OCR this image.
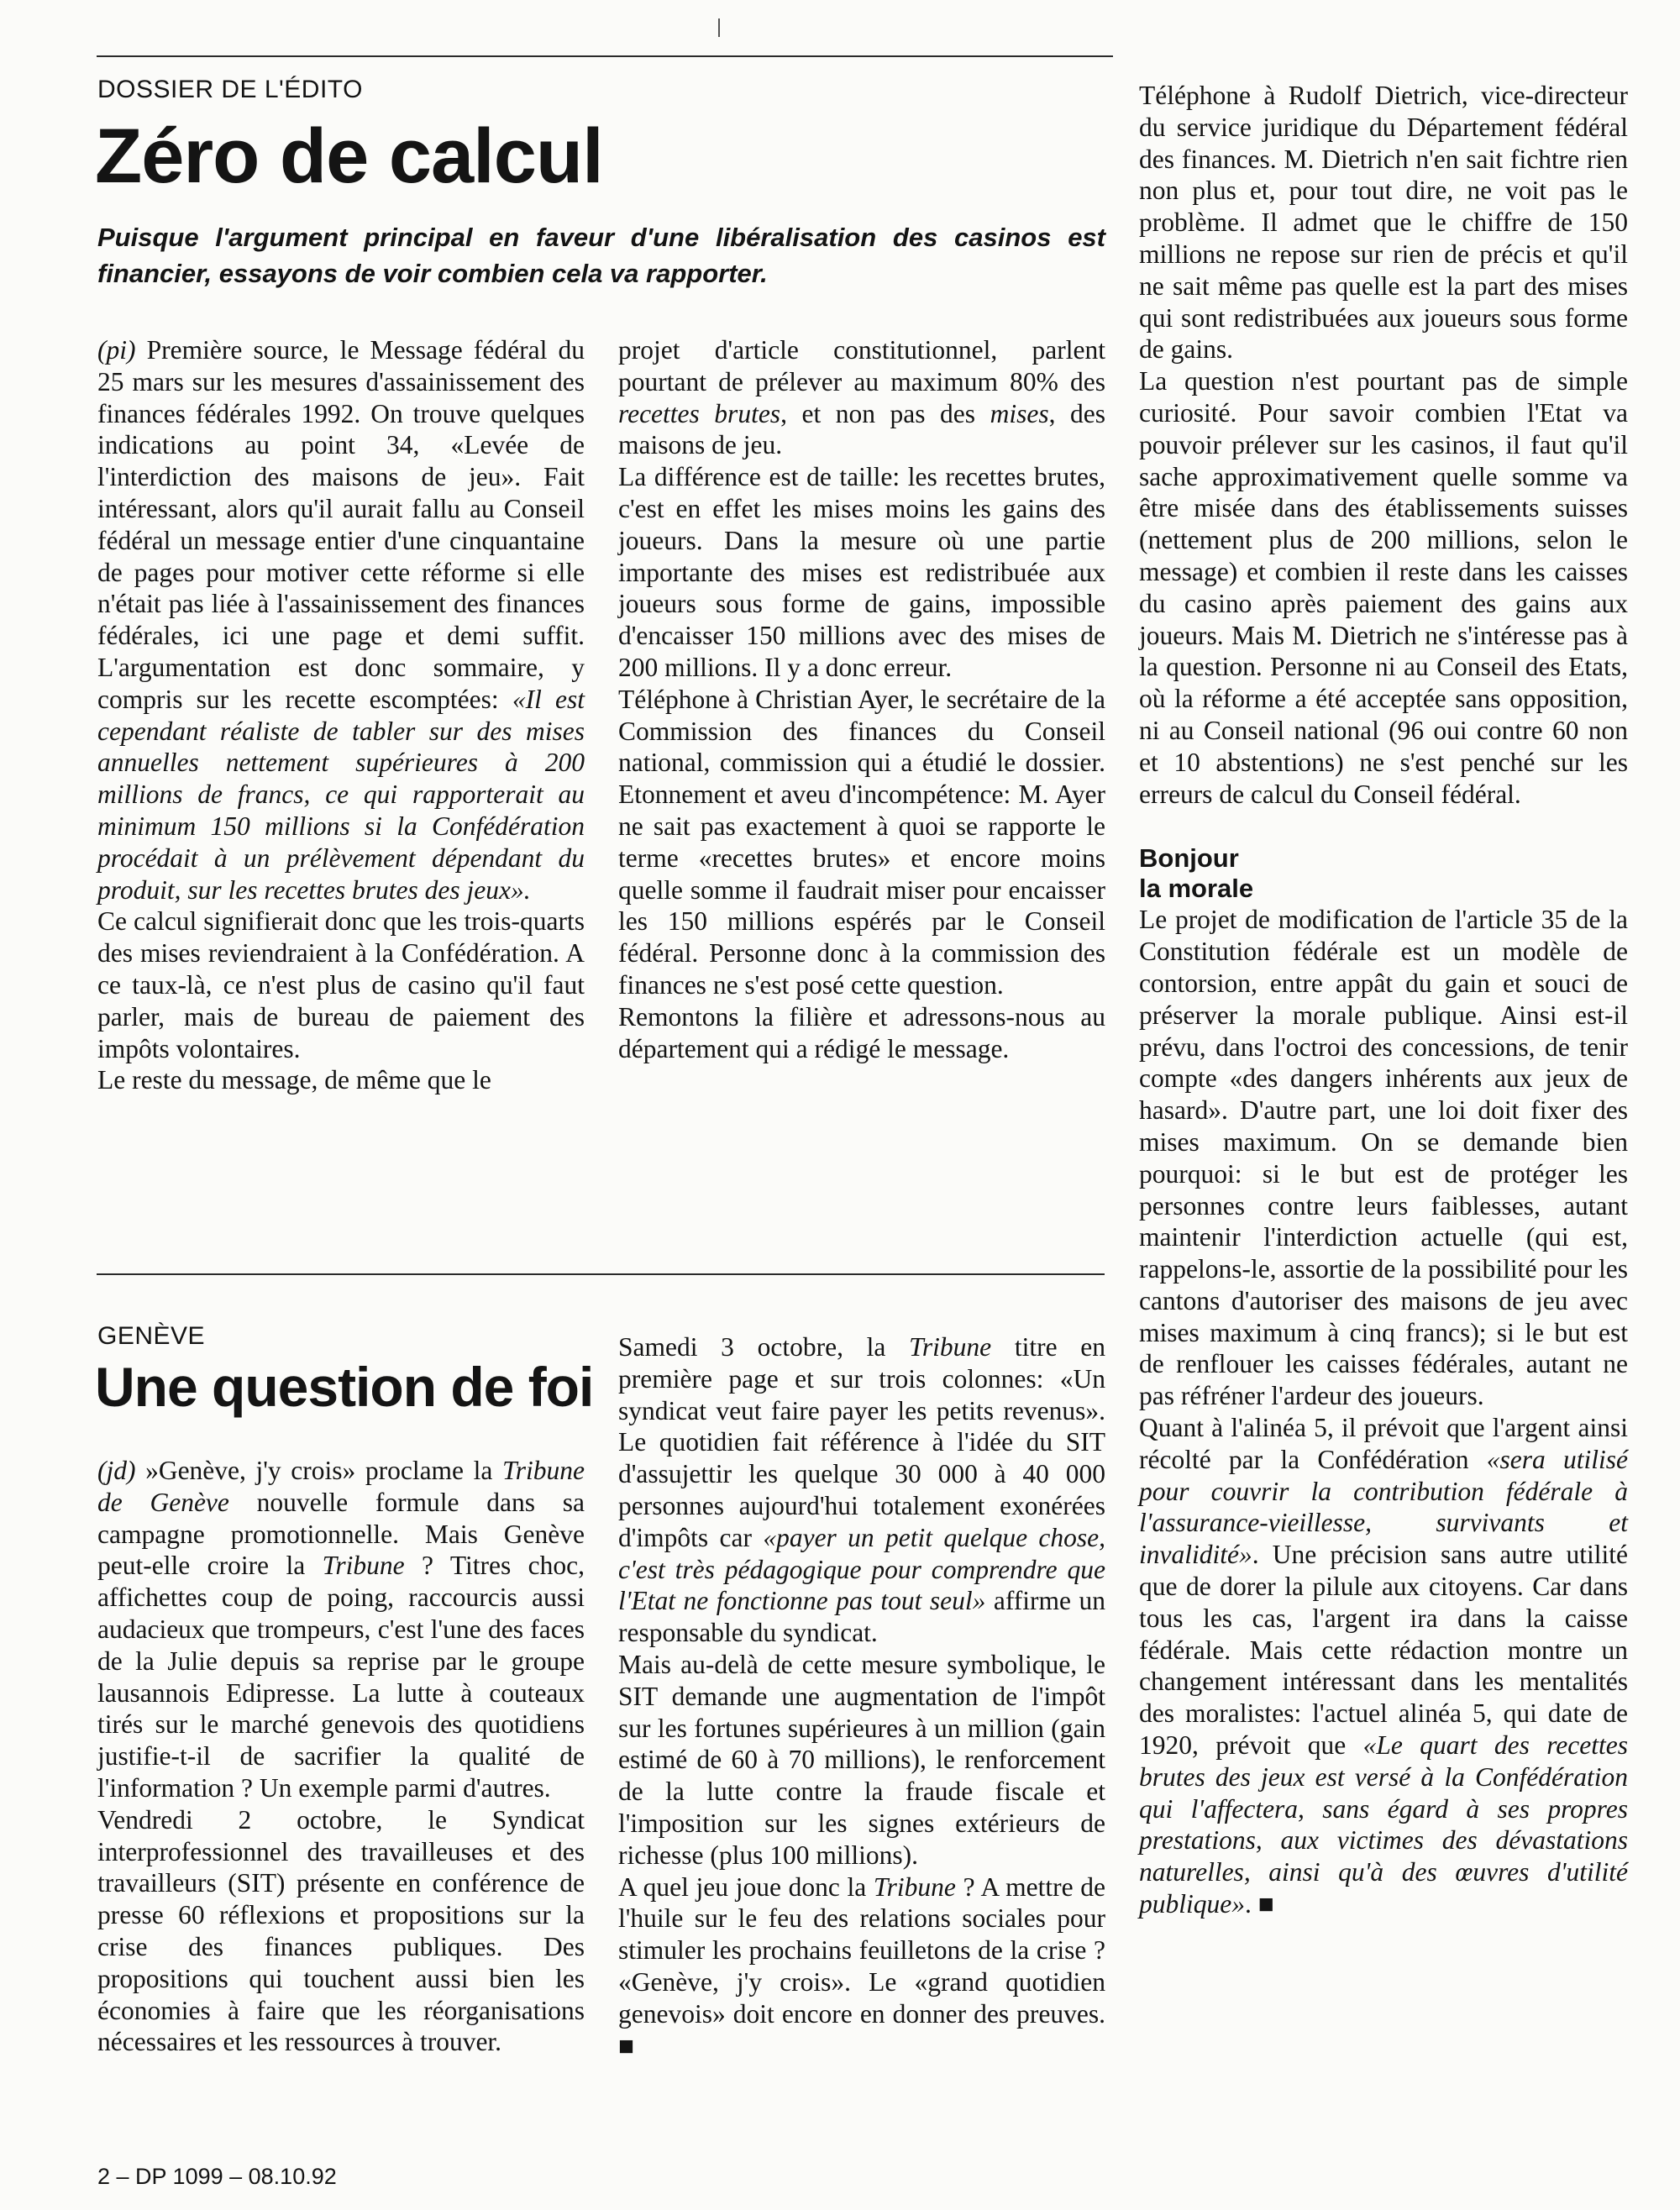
DOSSIER DE L'ÉDITO
Zéro de calcul
Puisque l'argument principal en faveur d'une libéralisation des casinos est financier, essayons de voir combien cela va rapporter.

(pi) Première source, le Message fédéral du 25 mars sur les mesures d'assainissement des finances fédérales 1992. On trouve quelques indications au point 34, «Levée de l'interdiction des maisons de jeu». Fait intéressant, alors qu'il aurait fallu au Conseil fédéral un message entier d'une cinquantaine de pages pour motiver cette réforme si elle n'était pas liée à l'assainissement des finances fédérales, ici une page et demi suffit. L'argumentation est donc sommaire, y compris sur les recette escomptées: «Il est cependant réaliste de tabler sur des mises annuelles nettement supérieures à 200 millions de francs, ce qui rapporterait au minimum 150 millions si la Confédération procédait à un prélèvement dépendant du produit, sur les recettes brutes des jeux».

Ce calcul signifierait donc que les trois-quarts des mises reviendraient à la Confédération. A ce taux-là, ce n'est plus de casino qu'il faut parler, mais de bureau de paiement des impôts volontaires.

Le reste du message, de même que le

projet d'article constitutionnel, parlent pourtant de prélever au maximum 80% des recettes brutes, et non pas des mises, des maisons de jeu.

La différence est de taille: les recettes brutes, c'est en effet les mises moins les gains des joueurs. Dans la mesure où une partie importante des mises est redistribuée aux joueurs sous forme de gains, impossible d'encaisser 150 millions avec des mises de 200 millions. Il y a donc erreur.

Téléphone à Christian Ayer, le secrétaire de la Commission des finances du Conseil national, commission qui a étudié le dossier. Etonnement et aveu d'incompétence: M. Ayer ne sait pas exactement à quoi se rapporte le terme «recettes brutes» et encore moins quelle somme il faudrait miser pour encaisser les 150 millions espérés par le Conseil fédéral. Personne donc à la commission des finances ne s'est posé cette question.

Remontons la filière et adressons-nous au département qui a rédigé le message.

Téléphone à Rudolf Dietrich, vice-directeur du service juridique du Département fédéral des finances. M. Dietrich n'en sait fichtre rien non plus et, pour tout dire, ne voit pas le problème. Il admet que le chiffre de 150 millions ne repose sur rien de précis et qu'il ne sait même pas quelle est la part des mises qui sont redistribuées aux joueurs sous forme de gains.

La question n'est pourtant pas de simple curiosité. Pour savoir combien l'Etat va pouvoir prélever sur les casinos, il faut qu'il sache approximativement quelle somme va être misée dans des établissements suisses (nettement plus de 200 millions, selon le message) et combien il reste dans les caisses du casino après paiement des gains aux joueurs. Mais M. Dietrich ne s'intéresse pas à la question. Personne ni au Conseil des Etats, où la réforme a été acceptée sans opposition, ni au Conseil national (96 oui contre 60 non et 10 abstentions) ne s'est penché sur les erreurs de calcul du Conseil fédéral.

Bonjour
la morale

Le projet de modification de l'article 35 de la Constitution fédérale est un modèle de contorsion, entre appât du gain et souci de préserver la morale publique. Ainsi est-il prévu, dans l'octroi des concessions, de tenir compte «des dangers inhérents aux jeux de hasard». D'autre part, une loi doit fixer des mises maximum. On se demande bien pourquoi: si le but est de protéger les personnes contre leurs faiblesses, autant maintenir l'interdiction actuelle (qui est, rappelons-le, assortie de la possibilité pour les cantons d'autoriser des maisons de jeu avec mises maximum à cinq francs); si le but est de renflouer les caisses fédérales, autant ne pas réfréner l'ardeur des joueurs.

Quant à l'alinéa 5, il prévoit que l'argent ainsi récolté par la Confédération «sera utilisé pour couvrir la contribution fédérale à l'assurance-vieillesse, survivants et invalidité». Une précision sans autre utilité que de dorer la pilule aux citoyens. Car dans tous les cas, l'argent ira dans la caisse fédérale. Mais cette rédaction montre un changement intéressant dans les mentalités des moralistes: l'actuel alinéa 5, qui date de 1920, prévoit que «Le quart des recettes brutes des jeux est versé à la Confédération qui l'affectera, sans égard à ses propres prestations, aux victimes des dévastations naturelles, ainsi qu'à des œuvres d'utilité publique». ■

GENÈVE
Une question de foi

(jd) »Genève, j'y crois» proclame la Tribune de Genève nouvelle formule dans sa campagne promotionnelle. Mais Genève peut-elle croire la Tribune ? Titres choc, affichettes coup de poing, raccourcis aussi audacieux que trompeurs, c'est l'une des faces de la Julie depuis sa reprise par le groupe lausannois Edipresse. La lutte à couteaux tirés sur le marché genevois des quotidiens justifie-t-il de sacrifier la qualité de l'information ? Un exemple parmi d'autres.

Vendredi 2 octobre, le Syndicat interprofessionnel des travailleuses et des travailleurs (SIT) présente en conférence de presse 60 réflexions et propositions sur la crise des finances publiques. Des propositions qui touchent aussi bien les économies à faire que les réorganisations nécessaires et les ressources à trouver.

Samedi 3 octobre, la Tribune titre en première page et sur trois colonnes: «Un syndicat veut faire payer les petits revenus». Le quotidien fait référence à l'idée du SIT d'assujettir les quelque 30 000 à 40 000 personnes aujourd'hui totalement exonérées d'impôts car «payer un petit quelque chose, c'est très pédagogique pour comprendre que l'Etat ne fonctionne pas tout seul» affirme un responsable du syndicat.

Mais au-delà de cette mesure symbolique, le SIT demande une augmentation de l'impôt sur les fortunes supérieures à un million (gain estimé de 60 à 70 millions), le renforcement de la lutte contre la fraude fiscale et l'imposition sur les signes extérieurs de richesse (plus 100 millions).

A quel jeu joue donc la Tribune ? A mettre de l'huile sur le feu des relations sociales pour stimuler les prochains feuilletons de la crise ? «Genève, j'y crois». Le «grand quotidien genevois» doit encore en donner des preuves. ■

2 – DP 1099 – 08.10.92
